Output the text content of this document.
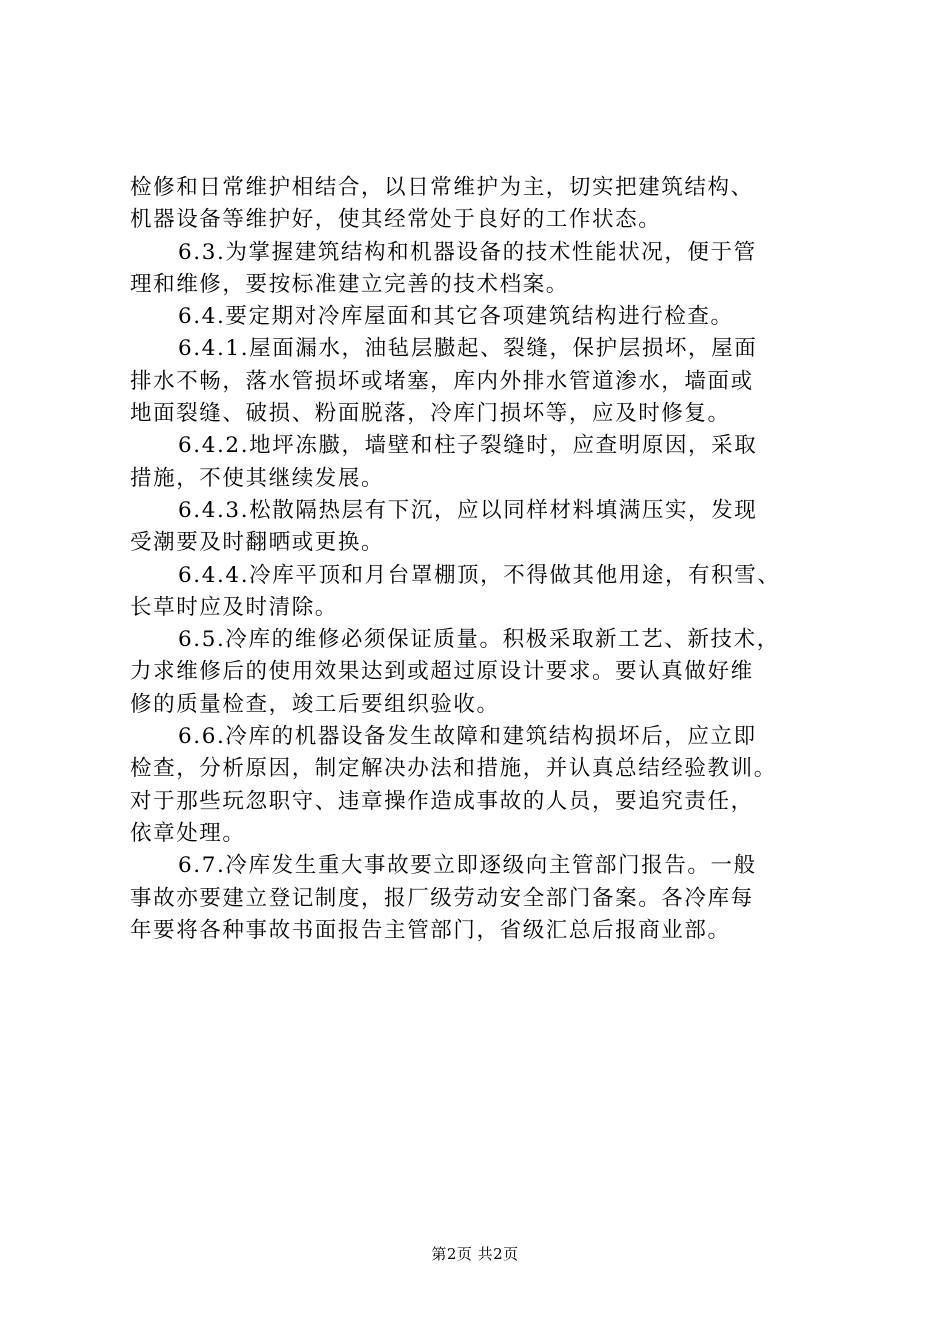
检修和日常维护相结合，以日常维护为主，切实把建筑结构、
机器设备等维护好，使其经常处于良好的工作状态。
6.3.为掌握建筑结构和机器设备的技术性能状况，便于管
理和维修，要按标准建立完善的技术档案。
6.4.要定期对冷库屋面和其它各项建筑结构进行检查。
6.4.1.屋面漏水，油毡层臌起、裂缝，保护层损坏，屋面
排水不畅，落水管损坏或堵塞，库内外排水管道渗水，墙面或
地面裂缝、破损、粉面脱落，冷库门损坏等，应及时修复。
6.4.2.地坪冻臌，墙壁和柱子裂缝时，应查明原因，采取
措施，不使其继续发展。
6.4.3.松散隔热层有下沉，应以同样材料填满压实，发现
受潮要及时翻晒或更换。
6.4.4.冷库平顶和月台罩棚顶，不得做其他用途，有积雪、
长草时应及时清除。
6.5.冷库的维修必须保证质量。积极采取新工艺、新技术，
力求维修后的使用效果达到或超过原设计要求。要认真做好维
修的质量检查，竣工后要组织验收。
6.6.冷库的机器设备发生故障和建筑结构损坏后，应立即
检查，分析原因，制定解决办法和措施，并认真总结经验教训。
对于那些玩忽职守、违章操作造成事故的人员，要追究责任，
依章处理。
6.7.冷库发生重大事故要立即逐级向主管部门报告。一般
事故亦要建立登记制度，报厂级劳动安全部门备案。各冷库每
年要将各种事故书面报告主管部门，省级汇总后报商业部。
第2页 共2页
